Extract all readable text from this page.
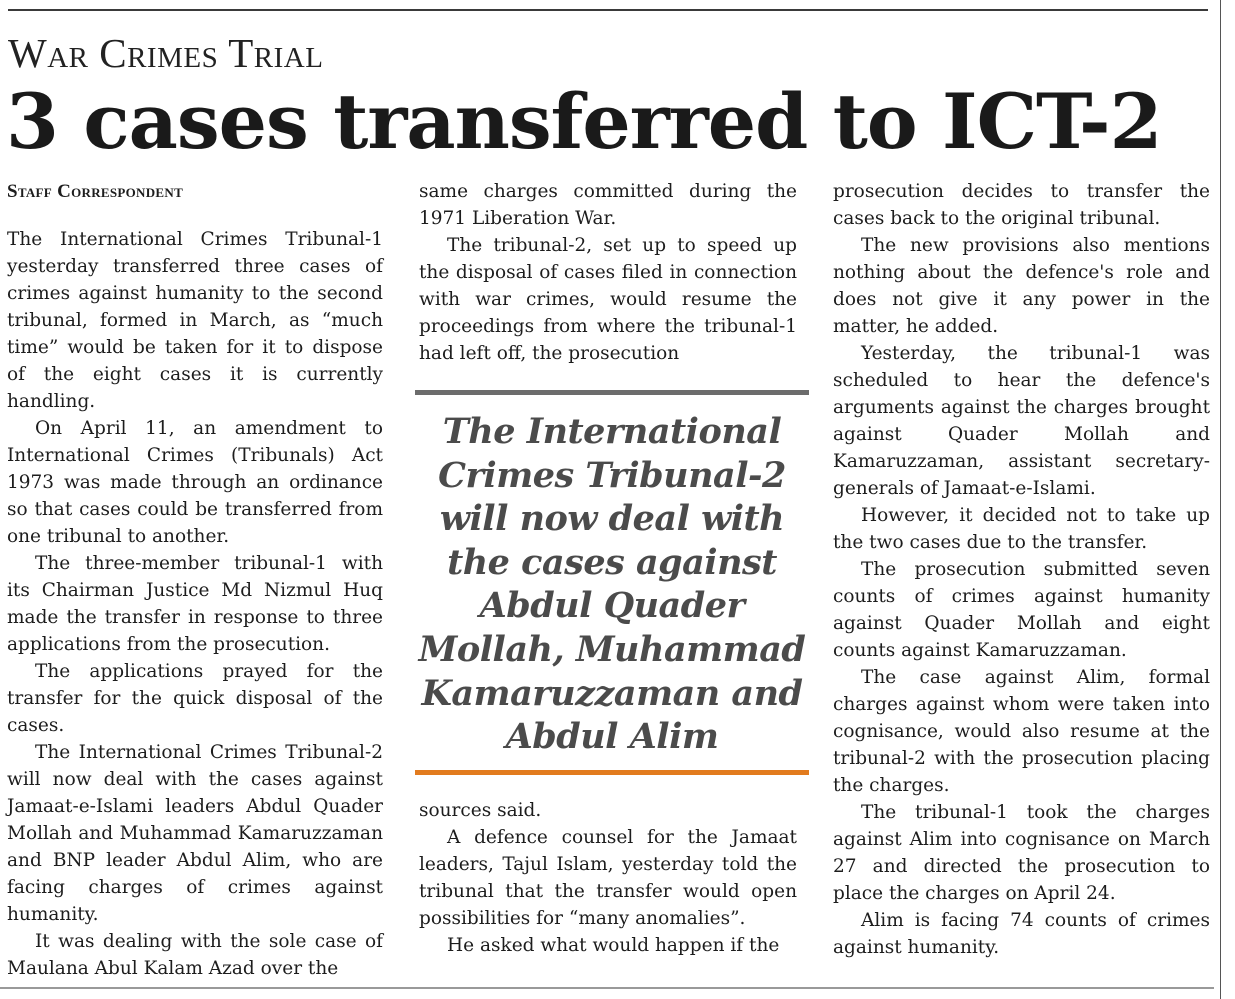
War Crimes Trial
3 cases transferred to ICT-2
Staff Correspondent

The International Crimes Tribunal-1 yesterday transferred three cases of crimes against humanity to the second tribunal, formed in March, as “much time” would be taken for it to dispose of the eight cases it is currently handling.

On April 11, an amendment to International Crimes (Tribunals) Act 1973 was made through an ordinance so that cases could be transferred from one tribunal to another.

The three-member tribunal-1 with its Chairman Justice Md Nizmul Huq made the transfer in response to three applications from the prosecution.

The applications prayed for the transfer for the quick disposal of the cases.

The International Crimes Tribunal-2 will now deal with the cases against Jamaat-e-Islami leaders Abdul Quader Mollah and Muhammad Kamaruzzaman and BNP leader Abdul Alim, who are facing charges of crimes against humanity.

It was dealing with the sole case of Maulana Abul Kalam Azad over the

same charges committed during the 1971 Liberation War.

The tribunal-2, set up to speed up the disposal of cases filed in connection with war crimes, would resume the proceedings from where the tribunal-1 had left off, the prosecution

The International Crimes Tribunal-2 will now deal with the cases against Abdul Quader Mollah, Muhammad Kamaruzzaman and Abdul Alim

sources said.

A defence counsel for the Jamaat leaders, Tajul Islam, yesterday told the tribunal that the transfer would open possibilities for “many anomalies”.

He asked what would happen if the

prosecution decides to transfer the cases back to the original tribunal.

The new provisions also mentions nothing about the defence's role and does not give it any power in the matter, he added.

Yesterday, the tribunal-1 was scheduled to hear the defence's arguments against the charges brought against Quader Mollah and Kamaruzzaman, assistant secretary-generals of Jamaat-e-Islami.

However, it decided not to take up the two cases due to the transfer.

The prosecution submitted seven counts of crimes against humanity against Quader Mollah and eight counts against Kamaruzzaman.

The case against Alim, formal charges against whom were taken into cognisance, would also resume at the tribunal-2 with the prosecution placing the charges.

The tribunal-1 took the charges against Alim into cognisance on March 27 and directed the prosecution to place the charges on April 24.

Alim is facing 74 counts of crimes against humanity.
